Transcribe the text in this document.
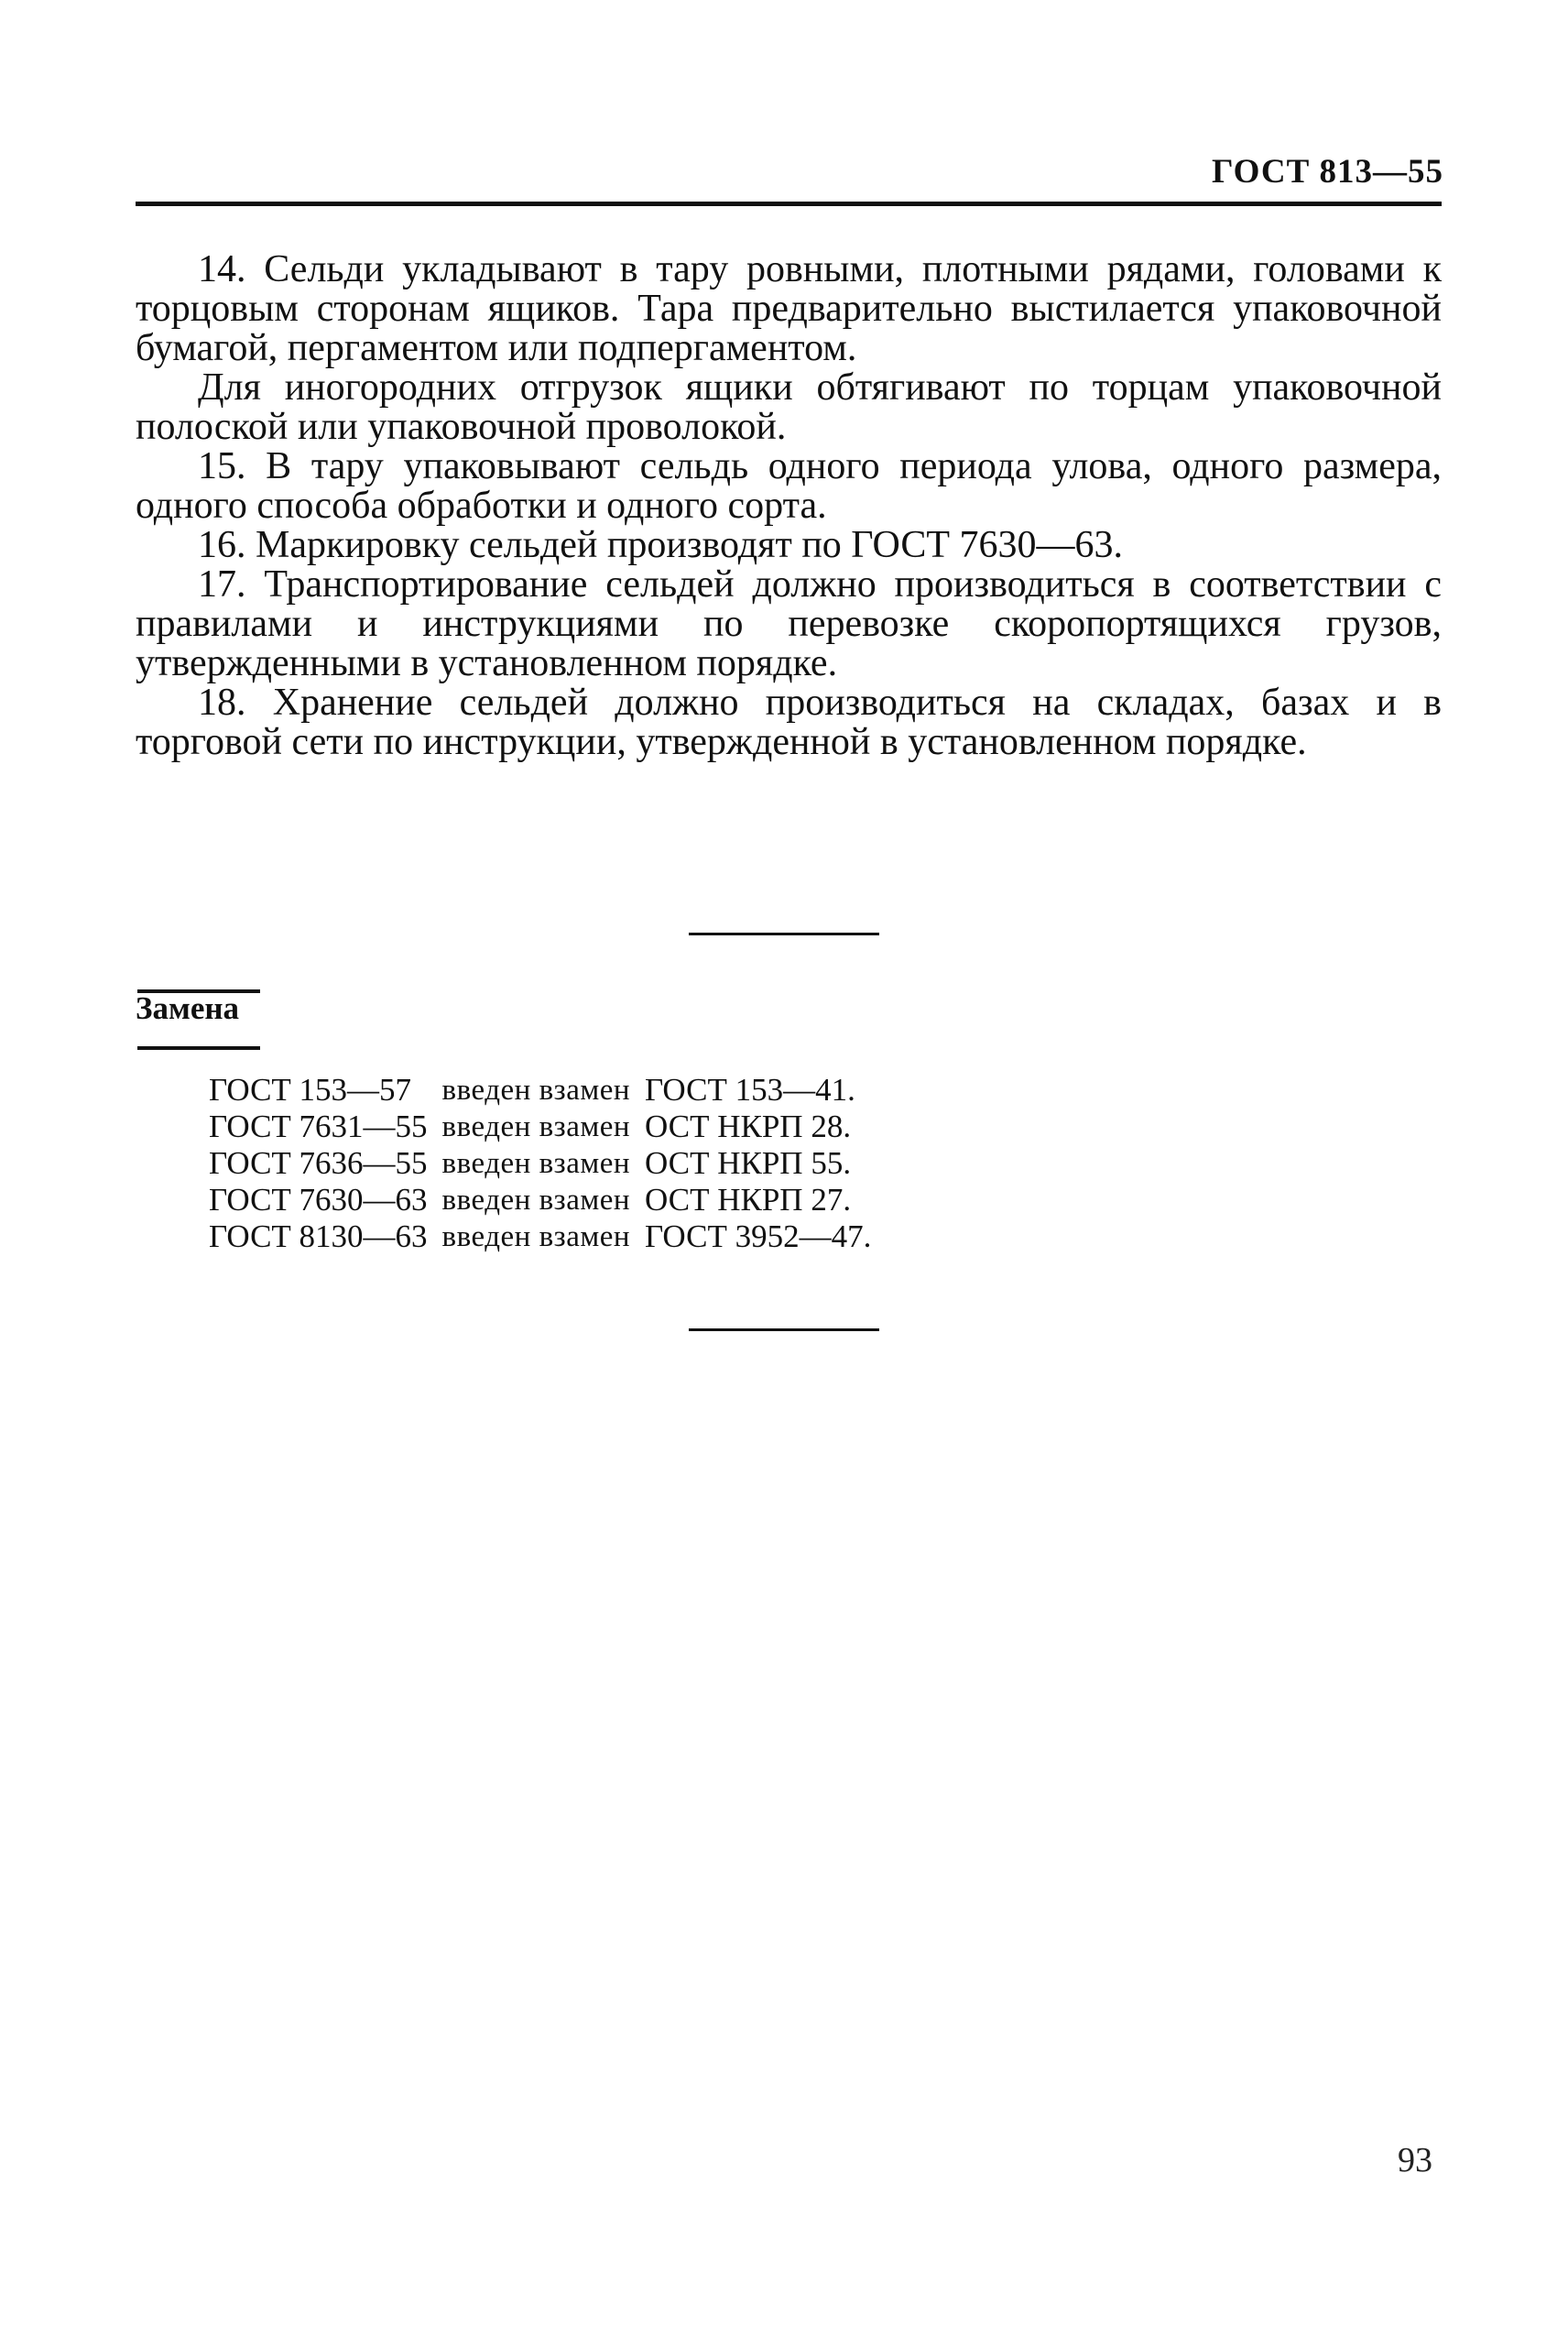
ГОСТ 813—55

14. Сельди укладывают в тару ровными, плотными рядами, головами к торцовым сторонам ящиков. Тара предварительно выстилается упаковочной бумагой, пергаментом или подпергаментом.

Для иногородних отгрузок ящики обтягивают по торцам упаковочной полоской или упаковочной проволокой.

15. В тару упаковывают сельдь одного периода улова, одного размера, одного способа обработки и одного сорта.

16. Маркировку сельдей производят по ГОСТ 7630—63.

17. Транспортирование сельдей должно производиться в соответствии с правилами и инструкциями по перевозке скоропортящихся грузов, утвержденными в установленном порядке.

18. Хранение сельдей должно производиться на складах, базах и в торговой сети по инструкции, утвержденной в установленном порядке.

Замена

ГОСТ 153—57	введен взамен	ГОСТ 153—41.
ГОСТ 7631—55	введен взамен	ОСТ НКРП 28.
ГОСТ 7636—55	введен взамен	ОСТ НКРП 55.
ГОСТ 7630—63	введен взамен	ОСТ НКРП 27.
ГОСТ 8130—63	введен взамен	ГОСТ 3952—47.

93
